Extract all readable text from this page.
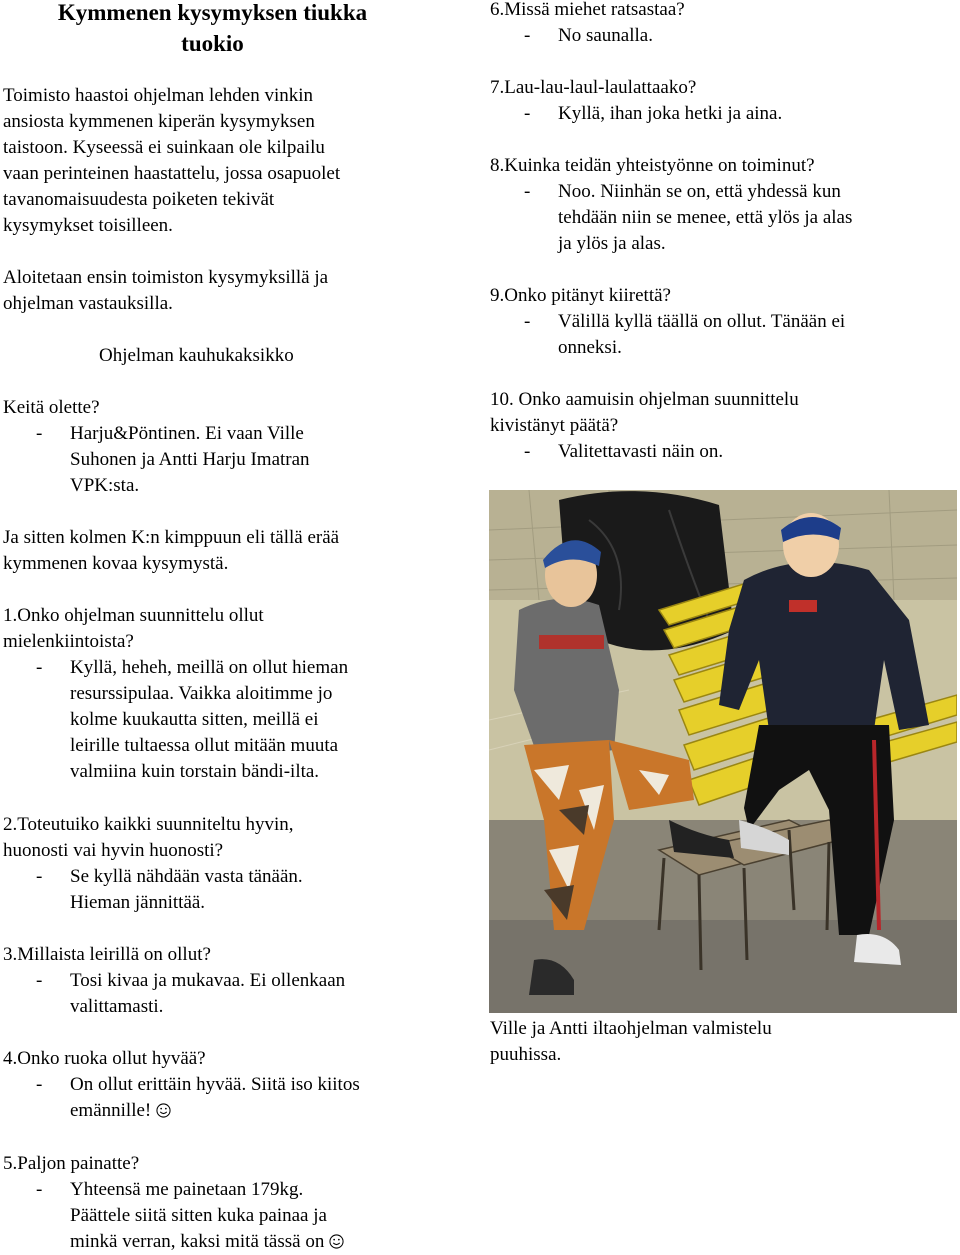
Kymmenen kysymyksen tiukka
tuokio

Toimisto haastoi ohjelman lehden vinkin

ansiosta kymmenen kiperän kysymyksen

taistoon. Kyseessä ei suinkaan ole kilpailu

vaan perinteinen haastattelu, jossa osapuolet

tavanomaisuudesta poiketen tekivät

kysymykset toisilleen.

Aloitetaan ensin toimiston kysymyksillä ja

ohjelman vastauksilla.

Ohjelman kauhukaksikko

Keitä olette?

- Harju&Pöntinen. Ei vaan Ville

Suhonen ja Antti Harju Imatran

VPK:sta.

Ja sitten kolmen K:n kimppuun eli tällä erää

kymmenen kovaa kysymystä.

1.Onko ohjelman suunnittelu ollut

mielenkiintoista?

- Kyllä, heheh, meillä on ollut hieman

resurssipulaa. Vaikka aloitimme jo

kolme kuukautta sitten, meillä ei

leirille tultaessa ollut mitään muuta

valmiina kuin torstain bändi-ilta.

2.Toteutuiko kaikki suunniteltu hyvin,

huonosti vai hyvin huonosti?

- Se kyllä nähdään vasta tänään.

Hieman jännittää.

3.Millaista leirillä on ollut?

- Tosi kivaa ja mukavaa. Ei ollenkaan

valittamasti.

4.Onko ruoka ollut hyvää?

- On ollut erittäin hyvää. Siitä iso kiitos

emännille!

5.Paljon painatte?

- Yhteensä me painetaan 179kg.

Päättele siitä sitten kuka painaa ja

minkä verran, kaksi mitä tässä on

6.Missä miehet ratsastaa?

- No saunalla.

7.Lau-lau-laul-laulattaako?

- Kyllä, ihan joka hetki ja aina.

8.Kuinka teidän yhteistyönne on toiminut?

- Noo. Niinhän se on, että yhdessä kun

tehdään niin se menee, että ylös ja alas

ja ylös ja alas.

9.Onko pitänyt kiirettä?

- Välillä kyllä täällä on ollut. Tänään ei

onneksi.

10. Onko aamuisin ohjelman suunnittelu

kivistänyt päätä?

- Valitettavasti näin on.

Ville ja Antti iltaohjelman valmistelu

puuhissa.
